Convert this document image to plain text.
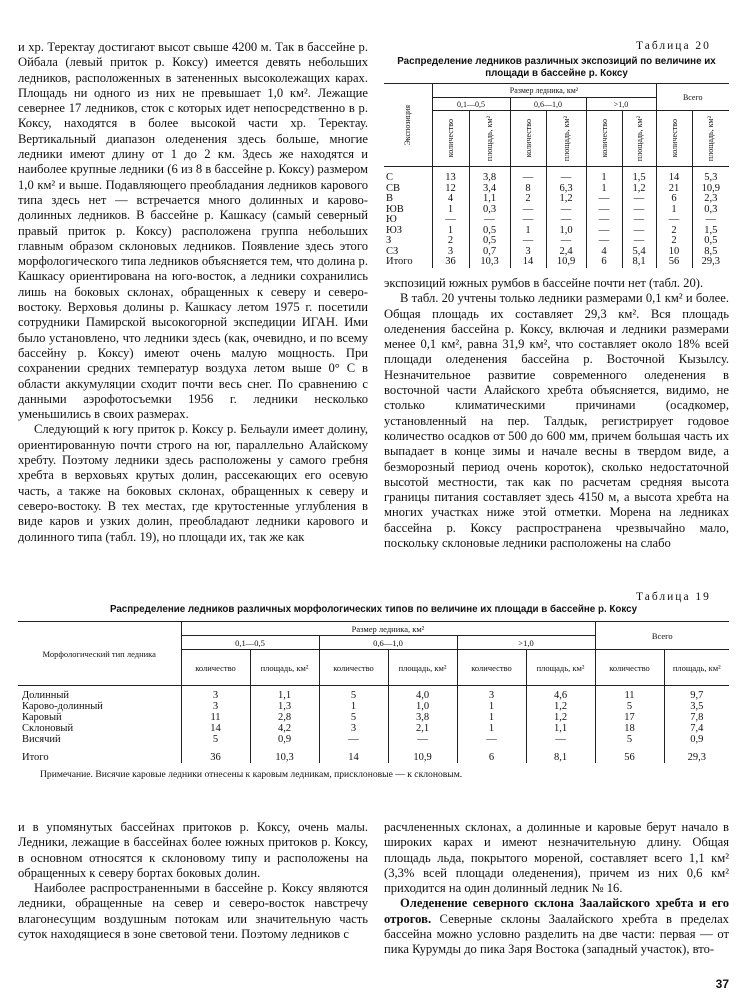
и хр. Теректау достигают высот свыше 4200 м. Так в бассейне р. Ойбала (левый приток р. Коксу) имеется девять небольших ледников, расположенных в затененных высоколежащих карах. Площадь ни одного из них не превышает 1,0 км². Лежащие севернее 17 ледников, сток с которых идет непосредственно в р. Коксу, находятся в более высокой части хр. Теректау. Вертикальный диапазон оледенения здесь больше, многие ледники имеют длину от 1 до 2 км. Здесь же находятся и наиболее крупные ледники (6 из 8 в бассейне р. Коксу) размером 1,0 км² и выше. Подавляющего преобладания ледников карового типа здесь нет — встречается много долинных и карово-долинных ледников. В бассейне р. Кашкасу (самый северный правый приток р. Коксу) расположена группа небольших главным образом склоновых ледников. Появление здесь этого морфологического типа ледников объясняется тем, что долина р. Кашкасу ориентирована на юго-восток, а ледники сохранились лишь на боковых склонах, обращенных к северу и северо-востоку. Верховья долины р. Кашкасу летом 1975 г. посетили сотрудники Памирской высокогорной экспедиции ИГАН. Ими было установлено, что ледники здесь (как, очевидно, и по всему бассейну р. Коксу) имеют очень малую мощность. При сохранении средних температур воздуха летом выше 0° С в области аккумуляции сходит почти весь снег. По сравнению с данными аэрофотосъемки 1956 г. ледники несколько уменьшились в своих размерах.

Следующий к югу приток р. Коксу р. Бельаули имеет долину, ориентированную почти строго на юг, параллельно Алайскому хребту. Поэтому ледники здесь расположены у самого гребня хребта в верховьях крутых долин, рассекающих его осевую часть, а также на боковых склонах, обращенных к северу и северо-востоку. В тех местах, где крутостенные углубления в виде каров и узких долин, преобладают ледники карового и долинного типа (табл. 19), но площади их, так же как

Таблица 20
Распределение ледников различных экспозиций по величине их площади в бассейне р. Коксу
Экспозиция	Размер ледника, км²						Всего	
	0,1—0,5		0,6—1,0		>1,0			

	количество	площадь, км²	количество	площадь, км²	количество	площадь, км²	количество	площадь, км²

С	13	3,8	—	—	1	1,5	14	5,3
СВ	12	3,4	8	6,3	1	1,2	21	10,9
В	4	1,1	2	1,2	—	—	6	2,3
ЮВ	1	0,3	—	—	—	—	1	0,3
Ю	—	—	—	—	—	—	—	—
ЮЗ	1	0,5	1	1,0	—	—	2	1,5
З	2	0,5	—	—	—	—	2	0,5
СЗ	3	0,7	3	2,4	4	5,4	10	8,5
Итого	36	10,3	14	10,9	6	8,1	56	29,3

экспозиций южных румбов в бассейне почти нет (табл. 20).

В табл. 20 учтены только ледники размерами 0,1 км² и более. Общая площадь их составляет 29,3 км². Вся площадь оледенения бассейна р. Коксу, включая и ледники размерами менее 0,1 км², равна 31,9 км², что составляет около 18% всей площади оледенения бассейна р. Восточной Кызылсу. Незначительное развитие современного оледенения в восточной части Алайского хребта объясняется, видимо, не столько климатическими причинами (осадкомер, установленный на пер. Талдык, регистрирует годовое количество осадков от 500 до 600 мм, причем большая часть их выпадает в конце зимы и начале весны в твердом виде, а безморозный период очень короток), сколько недостаточной высотой местности, так как по расчетам средняя высота границы питания составляет здесь 4150 м, а высота хребта на многих участках ниже этой отметки. Морена на ледниках бассейна р. Коксу распространена чрезвычайно мало, поскольку склоновые ледники расположены на слабо

Таблица 19
Распределение ледников различных морфологических типов по величине их площади в бассейне р. Коксу
Морфологический тип ледника	Размер ледника, км²						Всего	
	0,1—0,5		0,6—1,0		>1,0			
	количество	площадь, км²	количество	площадь, км²	количество	площадь, км²	количество	площадь, км²
Долинный	3	1,1	5	4,0	3	4,6	11	9,7
Карово-долинный	3	1,3	1	1,0	1	1,2	5	3,5
Каровый	11	2,8	5	3,8	1	1,2	17	7,8
Склоновый	14	4,2	3	2,1	1	1,1	18	7,4
Висячий	5	0,9	—	—	—	—	5	0,9
Итого	36	10,3	14	10,9	6	8,1	56	29,3
Примечание. Висячие каровые ледники отнесены к каровым ледникам, присклоновые — к склоновым.

и в упомянутых бассейнах притоков р. Коксу, очень малы. Ледники, лежащие в бассейнах более южных притоков р. Коксу, в основном относятся к склоновому типу и расположены на обращенных к северу бортах боковых долин.

Наиболее распространенными в бассейне р. Коксу являются ледники, обращенные на север и северо-восток навстречу влагонесущим воздушным потокам или значительную часть суток находящиеся в зоне световой тени. Поэтому ледников с

расчлененных склонах, а долинные и каровые берут начало в широких карах и имеют незначительную длину. Общая площадь льда, покрытого мореной, составляет всего 1,1 км² (3,3% всей площади оледенения), причем из них 0,6 км² приходится на один долинный ледник № 16.

Оледенение северного склона Заалайского хребта и его отрогов. Северные склоны Заалайского хребта в пределах бассейна можно условно разделить на две части: первая — от пика Курумды до пика Заря Востока (западный участок), вто-

37
